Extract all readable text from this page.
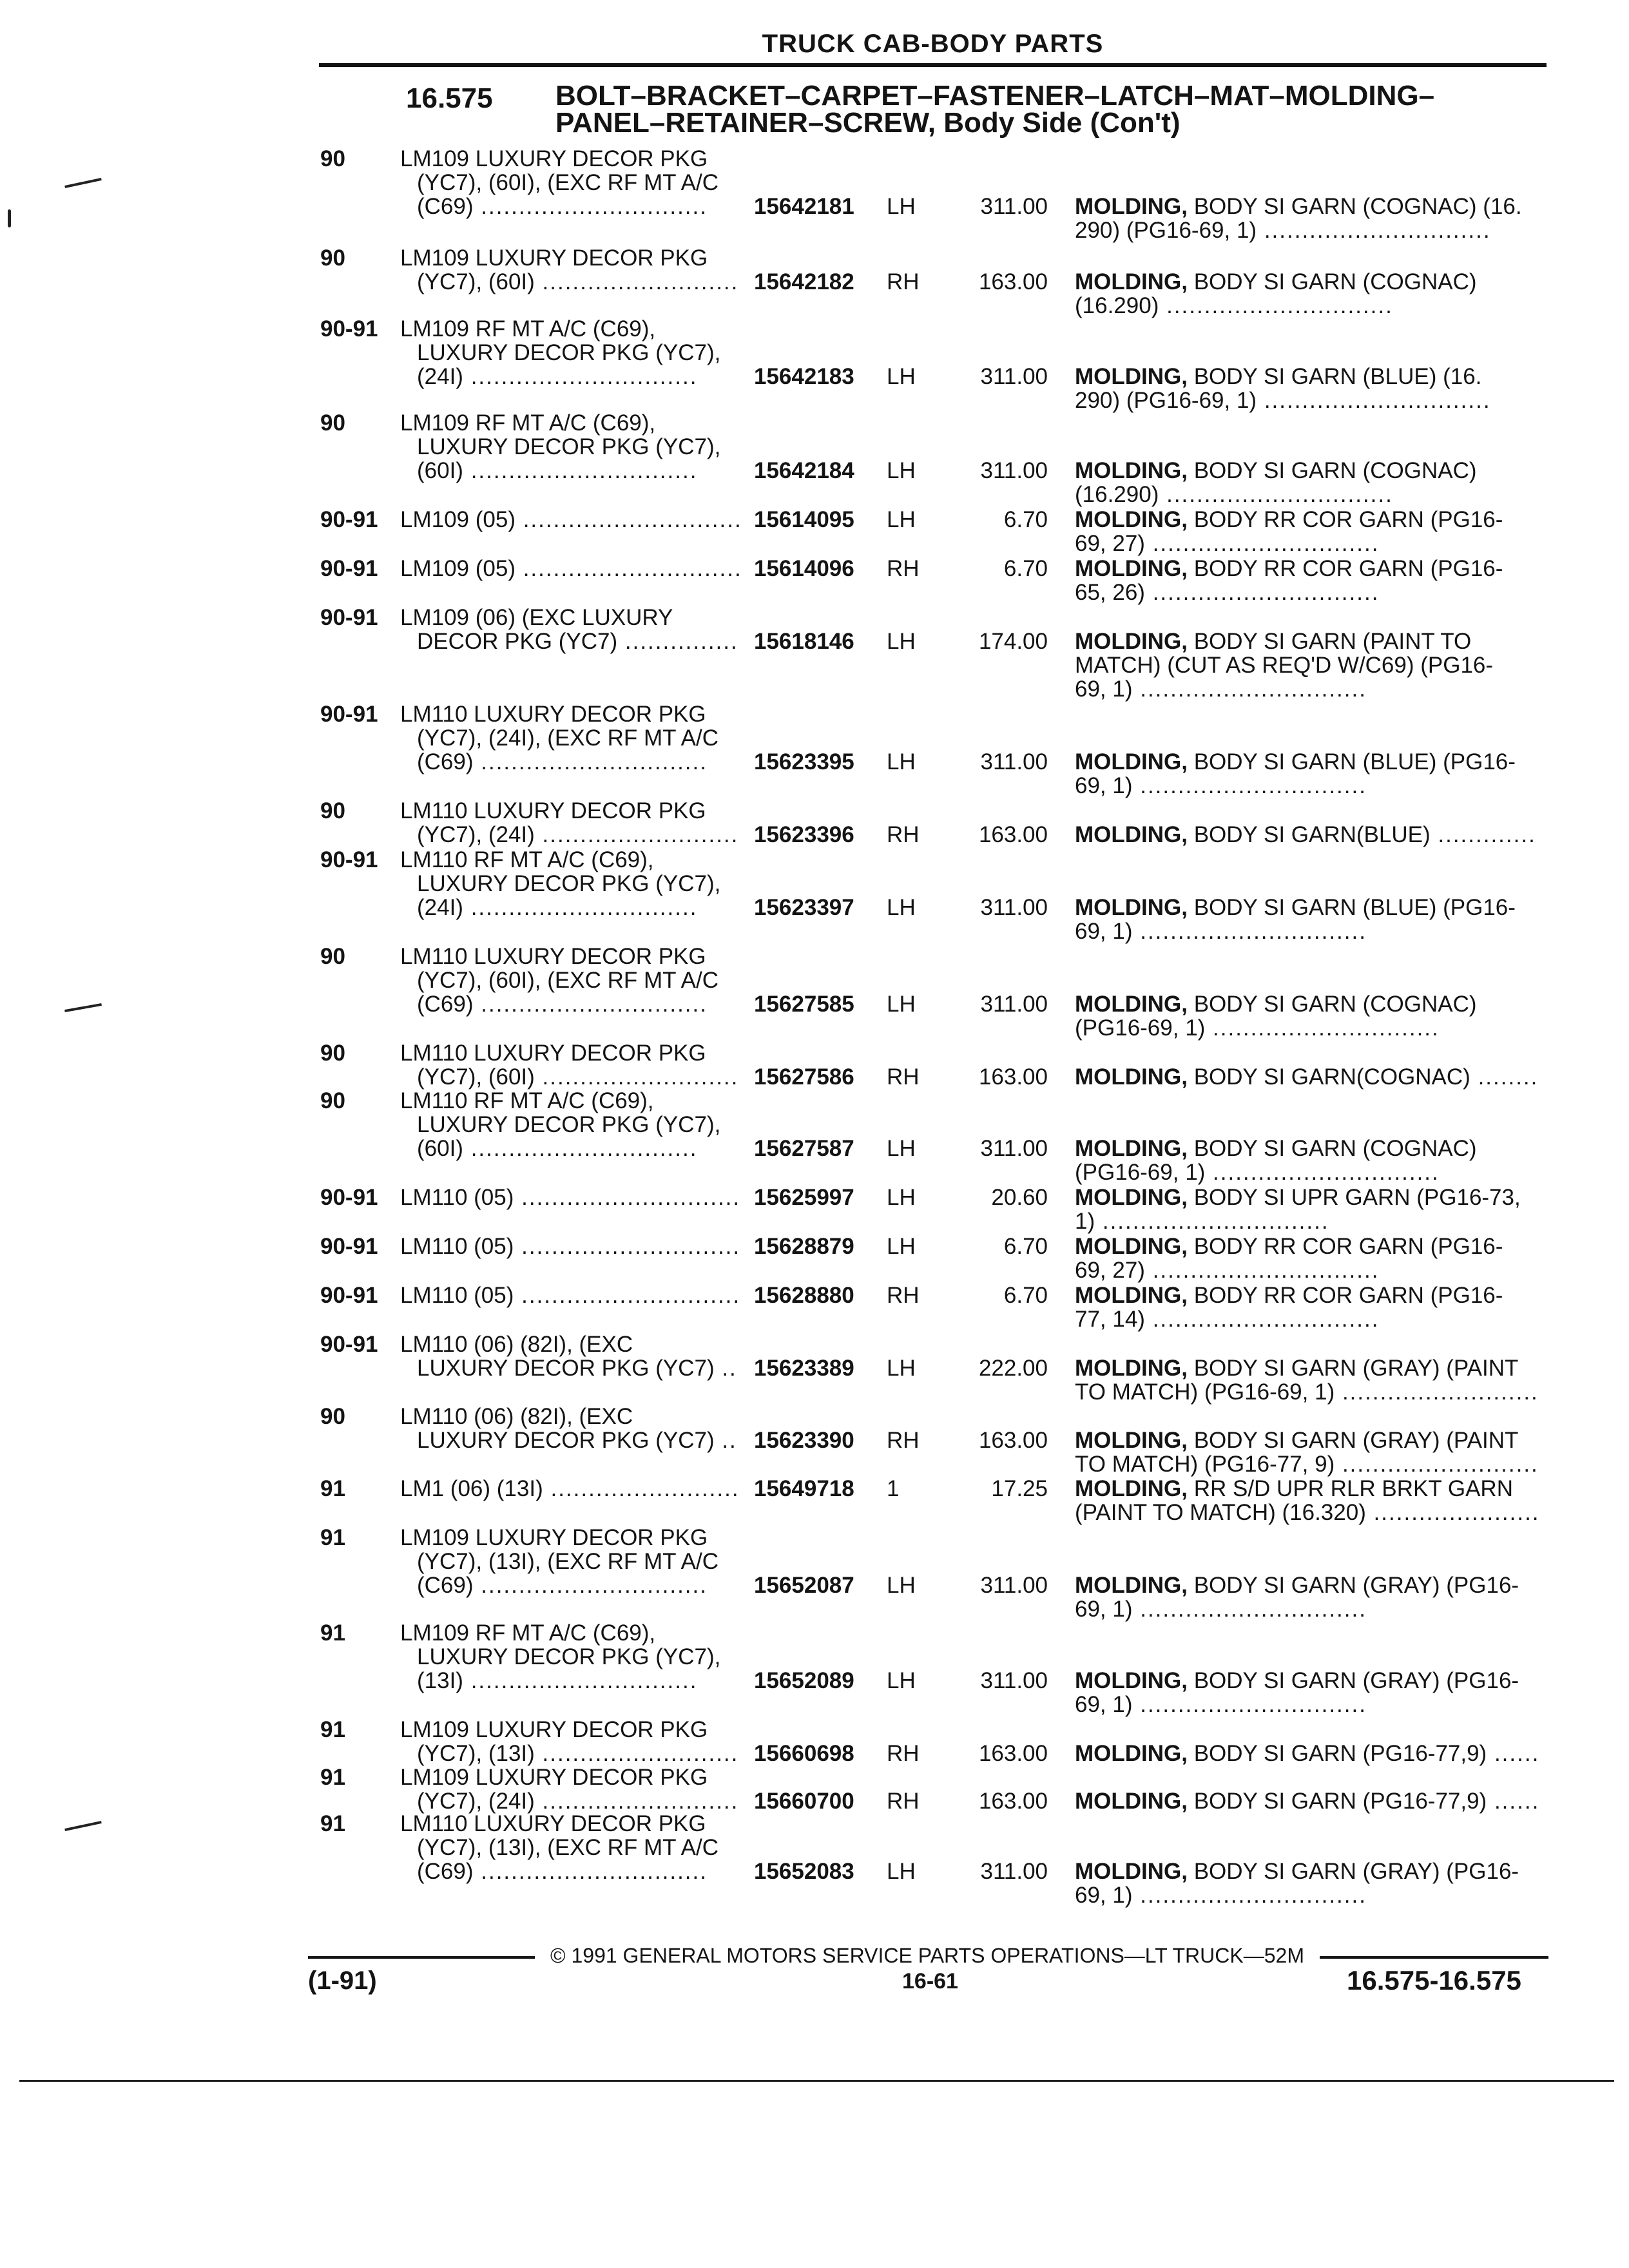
TRUCK CAB-BODY PARTS
16.575 BOLT–BRACKET–CARPET–FASTENER–LATCH–MAT–MOLDING–
PANEL–RETAINER–SCREW, Body Side (Con't)
90 LM109 LUXURY DECOR PKG
(YC7), (60I), (EXC RF MT A/C
(C69) ..............................	15642181 LH	311.00 MOLDING, BODY SI GARN (COGNAC) (16.
290) (PG16-69, 1) ..............................
90 LM109 LUXURY DECOR PKG
(YC7), (60I) .......................... 15642182 RH	163.00 MOLDING, BODY SI GARN (COGNAC)
(16.290) ..............................
90-91 LM109 RF MT A/C (C69),
LUXURY DECOR PKG (YC7),
(24I) ..............................	15642183 LH	311.00 MOLDING, BODY SI GARN (BLUE) (16.
290) (PG16-69, 1) ..............................
90 LM109 RF MT A/C (C69),
LUXURY DECOR PKG (YC7),
(60I) ..............................	15642184 LH	311.00 MOLDING, BODY SI GARN (COGNAC)
(16.290) ..............................
90-91 LM109 (05) ............................. 15614095 LH	6.70 MOLDING, BODY RR COR GARN (PG16-
69, 27) ..............................
90-91 LM109 (05) ............................. 15614096 RH	6.70 MOLDING, BODY RR COR GARN (PG16-
65, 26) ..............................
90-91 LM109 (06) (EXC LUXURY
DECOR PKG (YC7) ............... 15618146 LH	174.00 MOLDING, BODY SI GARN (PAINT TO
MATCH) (CUT AS REQ'D W/C69) (PG16-
69, 1) ..............................
90-91 LM110 LUXURY DECOR PKG
(YC7), (24I), (EXC RF MT A/C
(C69) ..............................	15623395 LH	311.00 MOLDING, BODY SI GARN (BLUE) (PG16-
69, 1) ..............................
90 LM110 LUXURY DECOR PKG
(YC7), (24I) .......................... 15623396 RH	163.00 MOLDING, BODY SI GARN(BLUE) .............
90-91 LM110 RF MT A/C (C69),
LUXURY DECOR PKG (YC7),
(24I) ..............................	15623397 LH	311.00 MOLDING, BODY SI GARN (BLUE) (PG16-
69, 1) ..............................
90 LM110 LUXURY DECOR PKG
(YC7), (60I), (EXC RF MT A/C
(C69) ..............................	15627585 LH	311.00 MOLDING, BODY SI GARN (COGNAC)
(PG16-69, 1) ..............................
90 LM110 LUXURY DECOR PKG
(YC7), (60I) .......................... 15627586 RH	163.00 MOLDING, BODY SI GARN(COGNAC) ........
90 LM110 RF MT A/C (C69),
LUXURY DECOR PKG (YC7),
(60I) ..............................	15627587 LH	311.00 MOLDING, BODY SI GARN (COGNAC)
(PG16-69, 1) ..............................
90-91 LM110 (05) ............................. 15625997 LH	20.60 MOLDING, BODY SI UPR GARN (PG16-73,
1) ..............................
90-91 LM110 (05) ............................. 15628879 LH	6.70 MOLDING, BODY RR COR GARN (PG16-
69, 27) ..............................
90-91 LM110 (05) ............................. 15628880 RH	6.70 MOLDING, BODY RR COR GARN (PG16-
77, 14) ..............................
90-91 LM110 (06) (82I), (EXC
LUXURY DECOR PKG (YC7) .. 15623389 LH	222.00 MOLDING, BODY SI GARN (GRAY) (PAINT
TO MATCH) (PG16-69, 1) ..........................
90 LM110 (06) (82I), (EXC
LUXURY DECOR PKG (YC7) .. 15623390 RH	163.00 MOLDING, BODY SI GARN (GRAY) (PAINT
TO MATCH) (PG16-77, 9) ..........................
91 LM1 (06) (13I) ......................... 15649718 1	17.25 MOLDING, RR S/D UPR RLR BRKT GARN
(PAINT TO MATCH) (16.320) ......................
91 LM109 LUXURY DECOR PKG
(YC7), (13I), (EXC RF MT A/C
(C69) ..............................	15652087 LH	311.00 MOLDING, BODY SI GARN (GRAY) (PG16-
69, 1) ..............................
91 LM109 RF MT A/C (C69),
LUXURY DECOR PKG (YC7),
(13I) ..............................	15652089 LH	311.00 MOLDING, BODY SI GARN (GRAY) (PG16-
69, 1) ..............................
91 LM109 LUXURY DECOR PKG
(YC7), (13I) .......................... 15660698 RH	163.00 MOLDING, BODY SI GARN (PG16-77,9) ......
91 LM109 LUXURY DECOR PKG
(YC7), (24I) .......................... 15660700 RH	163.00 MOLDING, BODY SI GARN (PG16-77,9) ......
91 LM110 LUXURY DECOR PKG
(YC7), (13I), (EXC RF MT A/C
(C69) ..............................	15652083 LH	311.00 MOLDING, BODY SI GARN (GRAY) (PG16-
69, 1) ..............................
© 1991 GENERAL MOTORS SERVICE PARTS OPERATIONS—LT TRUCK—52M
(1-91)	16-61	16.575-16.575
